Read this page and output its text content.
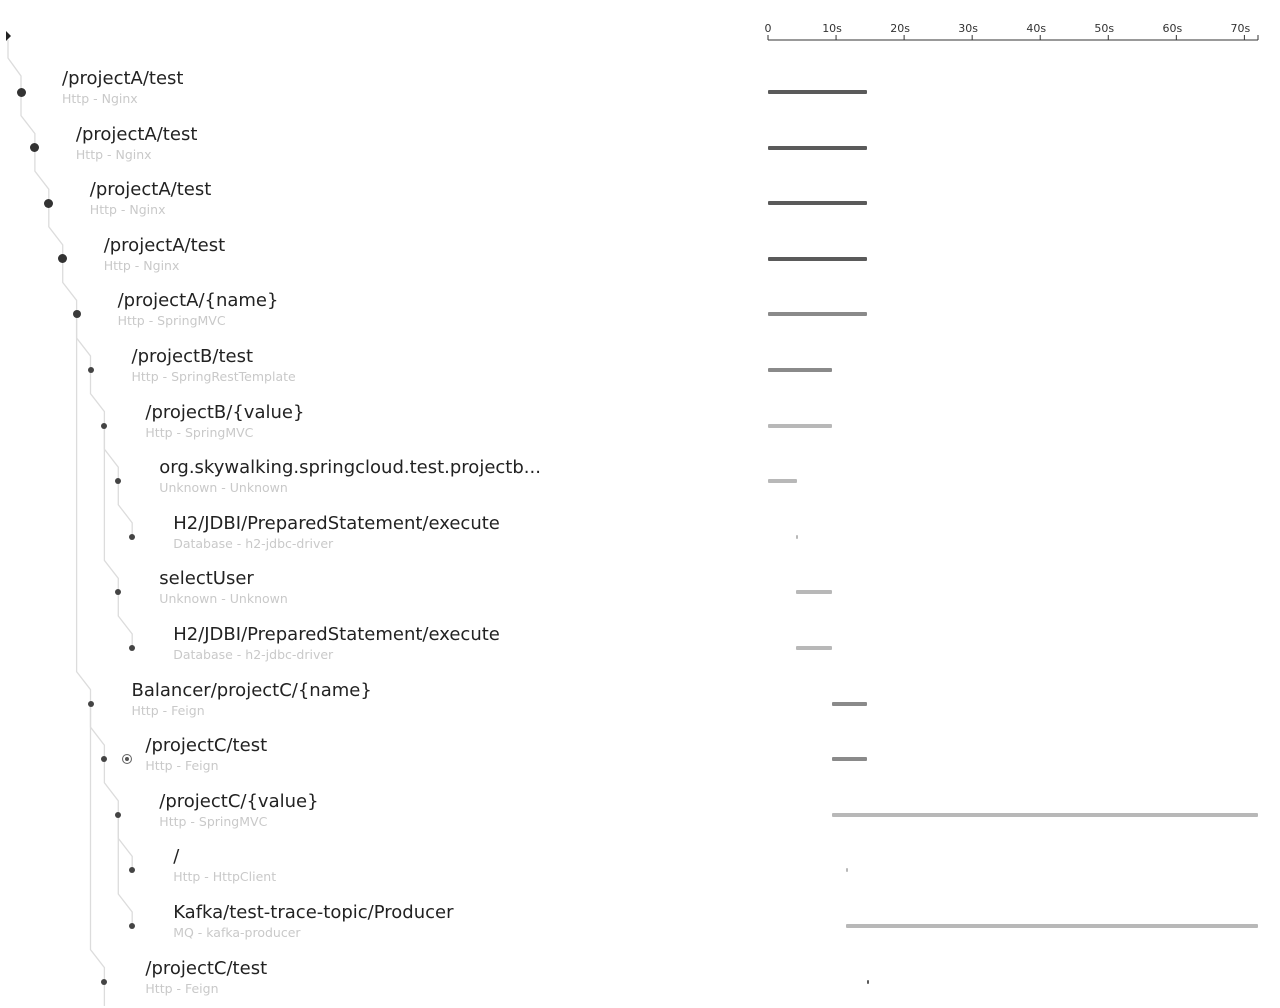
/projectA/test
Http - Nginx
/projectA/test
Http - Nginx
/projectA/test
Http - Nginx
/projectA/test
Http - Nginx
/projectA/{name}
Http - SpringMVC
/projectB/test
Http - SpringRestTemplate
/projectB/{value}
Http - SpringMVC
org.skywalking.springcloud.test.projectb...
Unknown - Unknown
H2/JDBI/PreparedStatement/execute
Database - h2-jdbc-driver
selectUser
Unknown - Unknown
H2/JDBI/PreparedStatement/execute
Database - h2-jdbc-driver
Balancer/projectC/{name}
Http - Feign
/projectC/test
Http - Feign
/projectC/{value}
Http - SpringMVC
/
Http - HttpClient
Kafka/test-trace-topic/Producer
MQ - kafka-producer
/projectC/test
Http - Feign
0	10s	20s	30s	40s	50s	60s	70s
